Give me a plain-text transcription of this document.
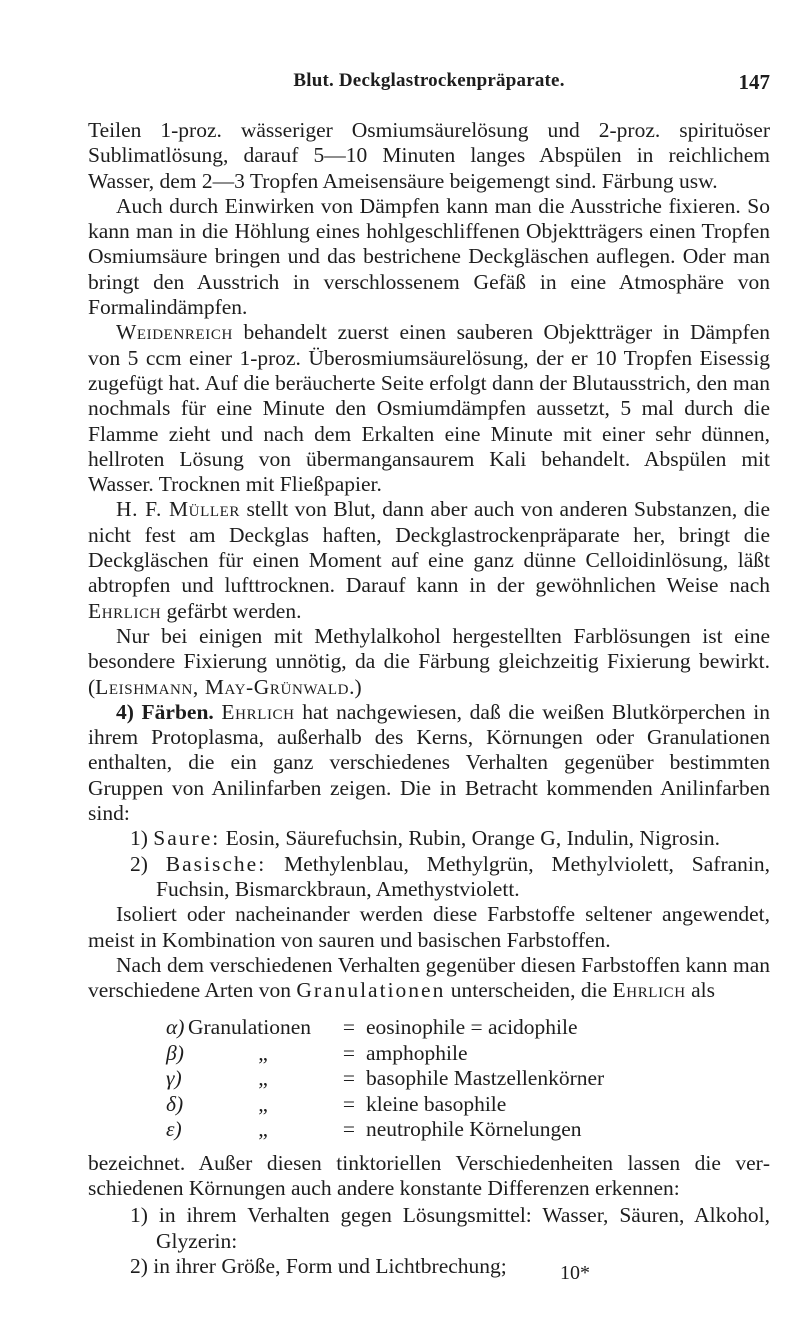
Blut. Deckglastrockenpräparate.	147

Teilen 1-proz. wässeriger Osmiumsäurelösung und 2-proz. spirituöser Sublimatlösung, darauf 5—10 Minuten langes Abspülen in reichlichem Wasser, dem 2—3 Tropfen Ameisensäure beigemengt sind. Färbung usw.

Auch durch Einwirken von Dämpfen kann man die Ausstriche fixieren. So kann man in die Höhlung eines hohlgeschliffenen Objektträgers einen Tropfen Osmiumsäure bringen und das bestrichene Deckgläschen auflegen. Oder man bringt den Ausstrich in verschlossenem Gefäß in eine Atmosphäre von Formalindämpfen.

Weidenreich behandelt zuerst einen sauberen Objektträger in Dämpfen von 5 ccm einer 1-proz. Überosmiumsäurelösung, der er 10 Tropfen Eisessig zugefügt hat. Auf die beräucherte Seite erfolgt dann der Blutausstrich, den man nochmals für eine Minute den Osmiumdämpfen aussetzt, 5 mal durch die Flamme zieht und nach dem Erkalten eine Minute mit einer sehr dünnen, hellroten Lösung von übermangansaurem Kali behandelt. Abspülen mit Wasser. Trocknen mit Fließpapier.

H. F. Müller stellt von Blut, dann aber auch von anderen Substanzen, die nicht fest am Deckglas haften, Deckglastrockenpräparate her, bringt die Deckgläschen für einen Moment auf eine ganz dünne Celloidinlösung, läßt abtropfen und lufttrocknen. Darauf kann in der gewöhnlichen Weise nach Ehrlich gefärbt werden.

Nur bei einigen mit Methylalkohol hergestellten Farblösungen ist eine besondere Fixierung unnötig, da die Färbung gleichzeitig Fixierung bewirkt. (Leishmann, May-Grünwald.)

4) Färben. Ehrlich hat nachgewiesen, daß die weißen Blutkörperchen in ihrem Protoplasma, außerhalb des Kerns, Körnungen oder Granulationen enthalten, die ein ganz verschiedenes Verhalten gegenüber bestimmten Gruppen von Anilinfarben zeigen. Die in Betracht kommenden Anilinfarben sind:

1) Saure: Eosin, Säurefuchsin, Rubin, Orange G, Indulin, Nigrosin.

2) Basische: Methylenblau, Methylgrün, Methylviolett, Safranin, Fuchsin, Bismarckbraun, Amethystviolett.

Isoliert oder nacheinander werden diese Farbstoffe seltener angewendet, meist in Kombination von sauren und basischen Farbstoffen.

Nach dem verschiedenen Verhalten gegenüber diesen Farbstoffen kann man verschiedene Arten von Granulationen unterscheiden, die Ehrlich als

α)	Granulationen	=	eosinophile = acidophile
β)	„	=	amphophile
γ)	„	=	basophile Mastzellenkörner
δ)	„	=	kleine basophile
ε)	„	=	neutrophile Körnelungen

bezeichnet. Außer diesen tinktoriellen Verschiedenheiten lassen die verschiedenen Körnungen auch andere konstante Differenzen erkennen:

1) in ihrem Verhalten gegen Lösungsmittel: Wasser, Säuren, Alkohol, Glyzerin:

2) in ihrer Größe, Form und Lichtbrechung;	10*
